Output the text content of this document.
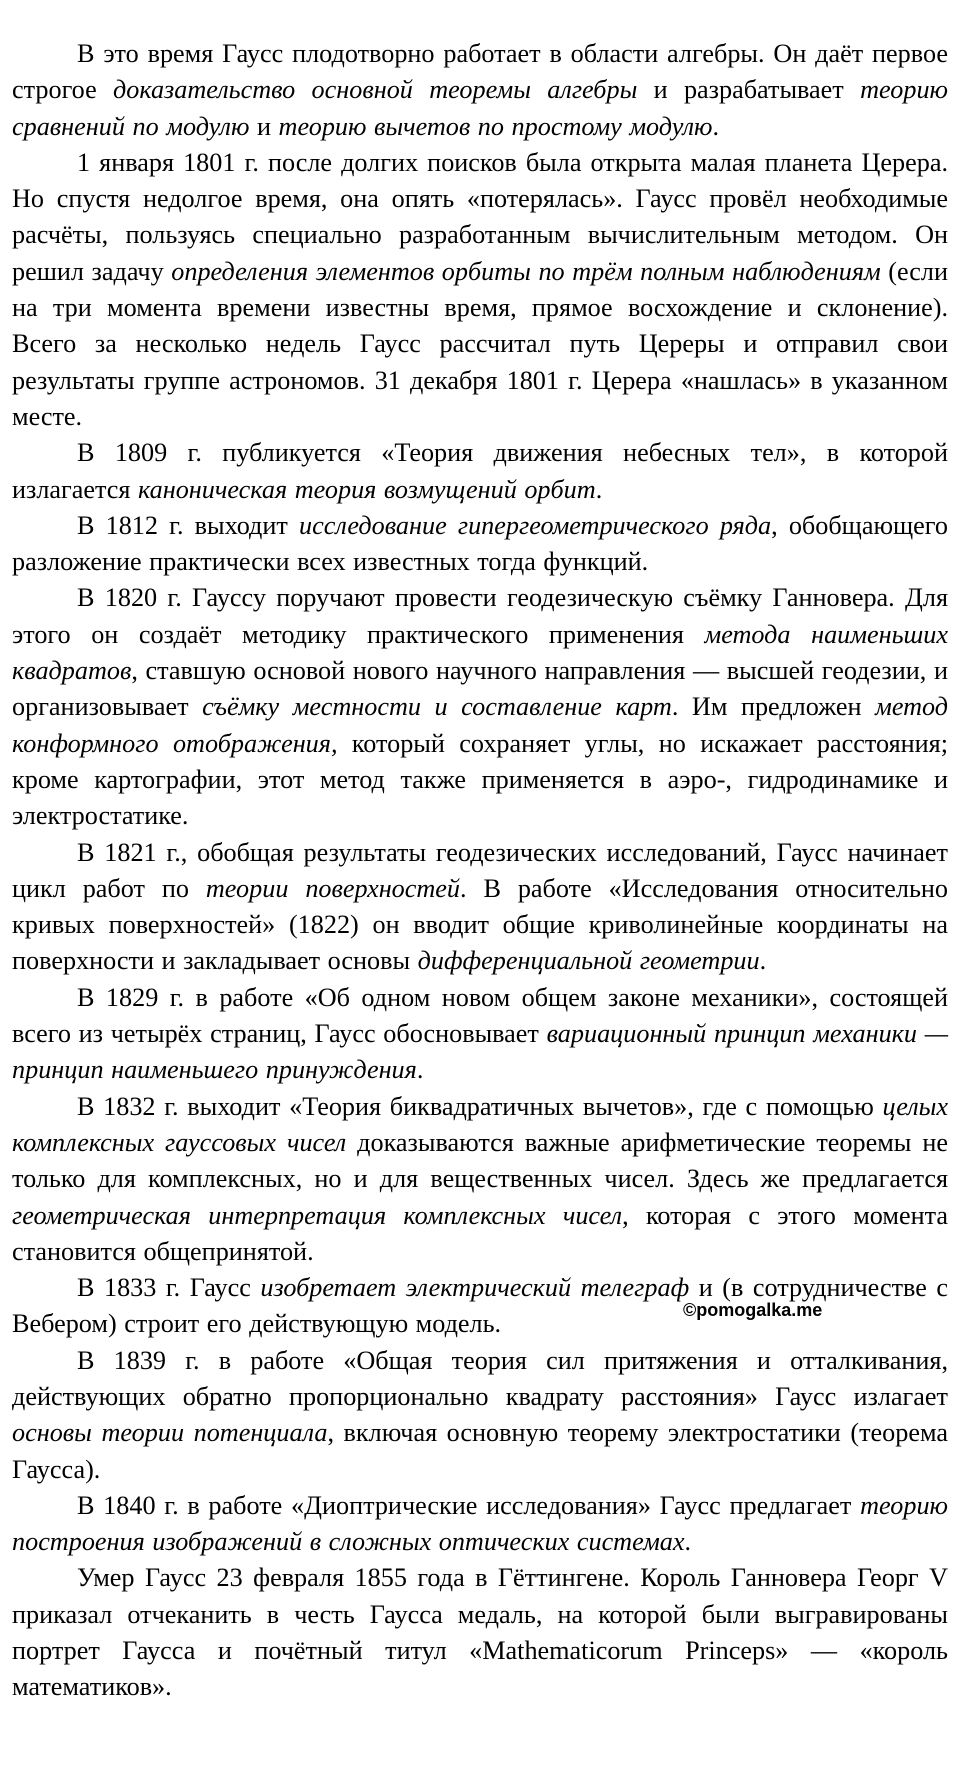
В это время Гаусс плодотворно работает в области алгебры. Он даёт первое строгое доказательство основной теоремы алгебры и разрабатывает теорию сравнений по модулю и теорию вычетов по простому модулю.

1 января 1801 г. после долгих поисков была открыта малая планета Церера. Но спустя недолгое время, она опять «потерялась». Гаусс провёл необходимые расчёты, пользуясь специально разработанным вычислительным методом. Он решил задачу определения элементов орбиты по трём полным наблюдениям (если на три момента времени известны время, прямое восхождение и склонение). Всего за несколько недель Гаусс рассчитал путь Цереры и отправил свои результаты группе астрономов. 31 декабря 1801 г. Церера «нашлась» в указанном месте.

В 1809 г. публикуется «Теория движения небесных тел», в которой излагается каноническая теория возмущений орбит.

В 1812 г. выходит исследование гипергеометрического ряда, обобщающего разложение практически всех известных тогда функций.

В 1820 г. Гауссу поручают провести геодезическую съёмку Ганновера. Для этого он создаёт методику практического применения метода наименьших квадратов, ставшую основой нового научного направления — высшей геодезии, и организовывает съёмку местности и составление карт. Им предложен метод конформного отображения, который сохраняет углы, но искажает расстояния; кроме картографии, этот метод также применяется в аэро-, гидродинамике и электростатике.

В 1821 г., обобщая результаты геодезических исследований, Гаусс начинает цикл работ по теории поверхностей. В работе «Исследования относительно кривых поверхностей» (1822) он вводит общие криволинейные координаты на поверхности и закладывает основы дифференциальной геометрии.

В 1829 г. в работе «Об одном новом общем законе механики», состоящей всего из четырёх страниц, Гаусс обосновывает вариационный принцип механики — принцип наименьшего принуждения.

В 1832 г. выходит «Теория биквадратичных вычетов», где с помощью целых комплексных гауссовых чисел доказываются важные арифметические теоремы не только для комплексных, но и для вещественных чисел. Здесь же предлагается геометрическая интерпретация комплексных чисел, которая с этого момента становится общепринятой.

В 1833 г. Гаусс изобретает электрический телеграф и (в сотрудничестве с Вебером) строит его действующую модель.

В 1839 г. в работе «Общая теория сил притяжения и отталкивания, действующих обратно пропорционально квадрату расстояния» Гаусс излагает основы теории потенциала, включая основную теорему электростатики (теорема Гаусса).

В 1840 г. в работе «Диоптрические исследования» Гаусс предлагает теорию построения изображений в сложных оптических системах.

Умер Гаусс 23 февраля 1855 года в Гёттингене. Король Ганновера Георг V приказал отчеканить в честь Гаусса медаль, на которой были выгравированы портрет Гаусса и почётный титул «Mathematicorum Princeps» — «король математиков».

©pomogalka.me
